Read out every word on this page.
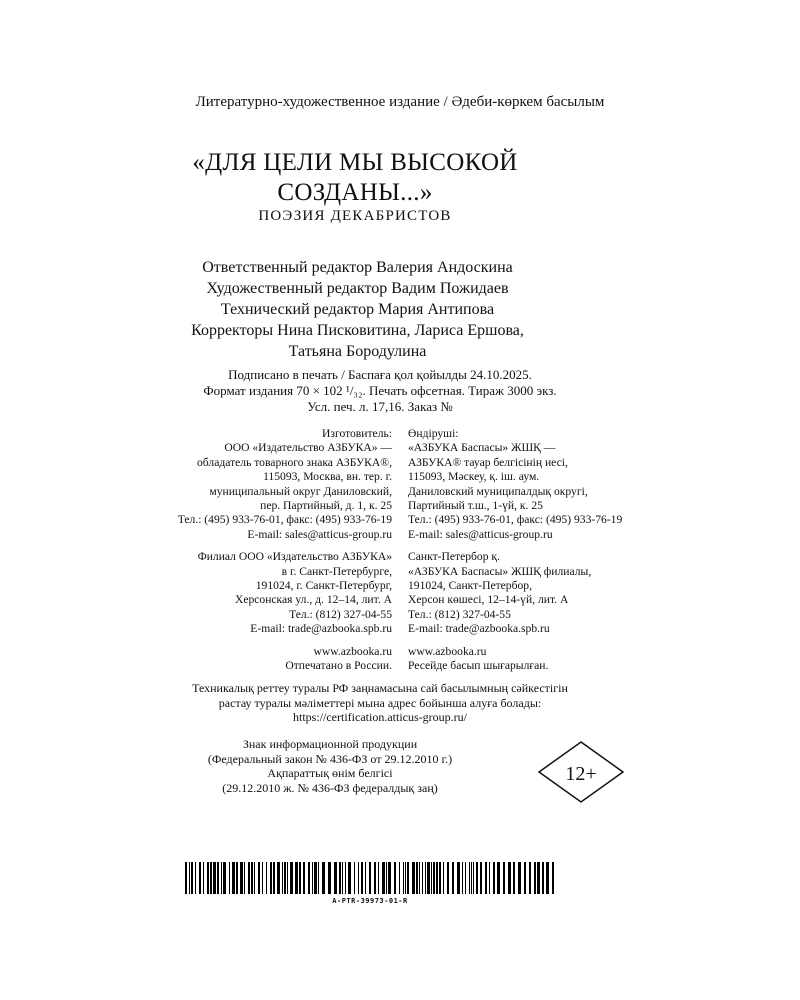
Литературно-художественное издание / Әдеби-көркем басылым
«ДЛЯ ЦЕЛИ МЫ ВЫСОКОЙ
СОЗДАНЫ...»
ПОЭЗИЯ ДЕКАБРИСТОВ
Ответственный редактор Валерия Андоскина
Художественный редактор Вадим Пожидаев
Технический редактор Мария Антипова
Корректоры Нина Писковитина, Лариса Ершова,
Татьяна Бородулина
Подписано в печать / Баспаға қол қойылды 24.10.2025.
Формат издания 70 × 102 ¹/₃₂. Печать офсетная. Тираж 3000 экз.
Усл. печ. л. 17,16. Заказ №
Изготовитель:
ООО «Издательство АЗБУКА» —
обладатель товарного знака АЗБУКА®,
115093, Москва, вн. тер. г.
муниципальный округ Даниловский,
пер. Партийный, д. 1, к. 25
Тел.: (495) 933-76-01, факс: (495) 933-76-19
E-mail: sales@atticus-group.ru
Өндіруші:
«АЗБУКА Баспасы» ЖШҚ —
АЗБУКА® тауар белгісінің иесі,
115093, Мәскеу, қ. іш. аум.
Даниловский муниципалдық округі,
Партийный т.ш., 1-үй, к. 25
Тел.: (495) 933-76-01, факс: (495) 933-76-19
E-mail: sales@atticus-group.ru
Филиал ООО «Издательство АЗБУКА»
в г. Санкт-Петербурге,
191024, г. Санкт-Петербург,
Херсонская ул., д. 12–14, лит. А
Тел.: (812) 327-04-55
E-mail: trade@azbooka.spb.ru
Санкт-Петербор қ.
«АЗБУКА Баспасы» ЖШҚ филиалы,
191024, Санкт-Петербор,
Херсон көшесі, 12–14-үй, лит. А
Тел.: (812) 327-04-55
E-mail: trade@azbooka.spb.ru
www.azbooka.ru
Отпечатано в России.
www.azbooka.ru
Ресейде басып шығарылған.
Техникалық реттеу туралы РФ заңнамасына сай басылымның сәйкестігін
растау туралы мәліметтері мына адрес бойынша алуға болады:
https://certification.atticus-group.ru/
Знак информационной продукции
(Федеральный закон № 436-ФЗ от 29.12.2010 г.)
Ақпараттық өнім белгісі
(29.12.2010 ж. № 436-ФЗ федералдық заң)
12+
A-PTR-39973-01-R
